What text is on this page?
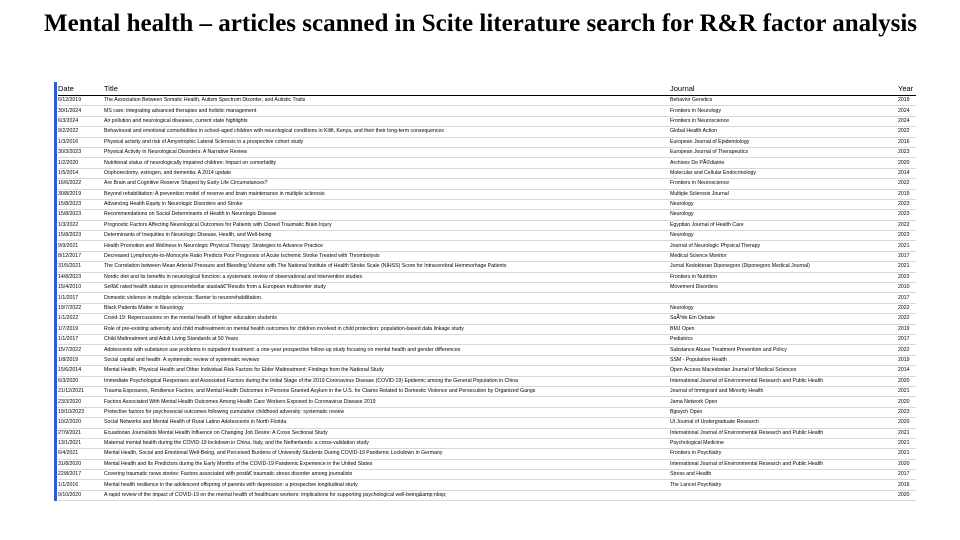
Mental health – articles scanned in Scite literature search for R&R factor analysis
Date	Title	Journal	Year
6/12/2019	The Association Between Somatic Health, Autism Spectrum Disorder, and Autistic Traits	Behavior Genetics	2019
30/1/2024	MS care: integrating advanced therapies and holistic management	Frontiers in Neurology	2024
6/3/2024	Air pollution and neurological diseases, current state highlights	Frontiers in Neuroscience	2024
9/2/2022	Behavioural and emotional comorbidities in school-aged children with neurological conditions in Kilifi, Kenya, and their their long-term consequences	Global Health Action	2022
1/3/2016	Physical activity and risk of Amyotrophic Lateral Sclerosis in a prospective cohort study	European Journal of Epidemiology	2016
30/3/2023	Physical Activity in Neurological Disorders: A Narrative Review	European Journal of Therapeutics	2023
1/2/2020	Nutritional status of neurologically impaired children: Impact on comorbidity	Archives De PÃ©diatrie	2020
1/5/2014	Oophorectomy, estrogen, and dementia: A 2014 update	Molecular and Cellular Endocrinology	2014
16/6/2022	Are Brain and Cognitive Reserve Shaped by Early Life Circumstances?	Frontiers in Neuroscience	2022
30/8/2019	Beyond rehabilitation: A prevention model of reserve and brain maintenance in multiple sclerosis	Multiple Sclerosis Journal	2019
15/8/2023	Advancing Health Equity in Neurologic Disorders and Stroke	Neurology	2023
15/8/2023	Recommendations on Social Determinants of Health in Neurologic Disease	Neurology	2023
1/3/2022	Prognostic Factors Affecting Neurological Outcomes for Patients with Closed Traumatic Brain Injury	Egyptian Journal of Health Care	2022
15/8/2023	Determinants of Inequities in Neurologic Disease, Health, and Well-being	Neurology	2023
9/9/2021	Health Promotion and Wellness in Neurologic Physical Therapy: Strategies to Advance Practice	Journal of Neurologic Physical Therapy	2021
8/12/2017	Decreased Lymphocyte-to-Monocyte Ratio Predicts Poor Prognosis of Acute Ischemic Stroke Treated with Thrombolysis	Medical Science Monitor	2017
31/5/2021	The Correlation between Mean Arterial Pressure and Bleeding Volume with The National Institute of Health Stroke Scale (NIHSS) Score for Intracerebral Hemmorhage Patients	Jurnal Kedokteran Diponegoro (Diponegoro Medical Journal)	2021
14/8/2023	Nordic diet and its benefits in neurological function: a systematic review of observational and intervention studies	Frontiers in Nutrition	2023
15/4/2010	Selfâ€ rated health status in spinocerebellar ataxiaâ€"Results from a European multicenter study	Movement Disorders	2010
1/1/2017	Domestic violence in multiple sclerosis: Barrier to neurorehabilitation.		2017
19/7/2022	Black Patients Matter in Neurology	Neurology	2022
1/1/2022	Covid-19: Repercussions on the mental health of higher education students	SaÃºde Em Debate	2022
1/7/2019	Role of pre-existing adversity and child maltreatment on mental health outcomes for children involved in child protection: population-based data linkage study	BMJ Open	2019
1/1/2017	Child Maltreatment and Adult Living Standards at 50 Years	Pediatrics	2017
15/7/2022	Adolescents with substance use problems in outpatient treatment: a one-year prospective follow-up study focusing on mental health and gender differences	Substance Abuse Treatment Prevention and Policy	2022
1/8/2019	Social capital and health: A systematic review of systematic reviews	SSM - Population Health	2019
15/6/2014	Mental Health, Physical Health and Other Individual Risk Factors for Elder Maltreatment: Findings from the National Study	Open Access Macedonian Journal of Medical Sciences	2014
6/3/2020	Immediate Psychological Responses and Associated Factors during the Initial Stage of the 2019 Coronavirus Disease (COVID-19) Epidemic among the General Population in China	International Journal of Environmental Research and Public Health	2020
21/12/2021	Trauma Exposures, Resilience Factors, and Mental Health Outcomes in Persons Granted Asylum in the U.S. for Claims Related to Domestic Violence and Persecution by Organized Gangs	Journal of Immigrant and Minority Health	2021
23/3/2020	Factors Associated With Mental Health Outcomes Among Health Care Workers Exposed to Coronavirus Disease 2019	Jama Network Open	2020
19/10/2023	Protective factors for psychosocial outcomes following cumulative childhood adversity: systematic review	Bjpsych Open	2023
10/2/2020	Social Networks and Mental Health of Rural Latino Adolescents in North Florida	Ul Journal of Undergraduate Research	2020
27/9/2021	Ecuadorian Journalists Mental Health Influence on Changing Job Desire: A Cross Sectional Study	International Journal of Environmental Research and Public Health	2021
13/1/2021	Maternal mental health during the COVID-19 lockdown in China, Italy, and the Netherlands: a cross-validation study	Psychological Medicine	2021
6/4/2021	Mental Health, Social and Emotional Well-Being, and Perceived Burdens of University Students During COVID-19 Pandemic Lockdown in Germany	Frontiers in Psychiatry	2021
31/8/2020	Mental Health and Its Predictors during the Early Months of the COVID-19 Pandemic Experience in the United States	International Journal of Environmental Research and Public Health	2020
22/8/2017	Covering traumatic news stories: Factors associated with postâ€ traumatic stress disorder among journalists	Stress and Health	2017
1/1/2016	Mental health resilience in the adolescent offspring of parents with depression: a prospective longitudinal study	The Lancet Psychiatry	2016
9/10/2020	A rapid review of the impact of COVID-19 on the mental health of healthcare workers: implications for supporting psychological well-being&amp;nbsp;		2020
